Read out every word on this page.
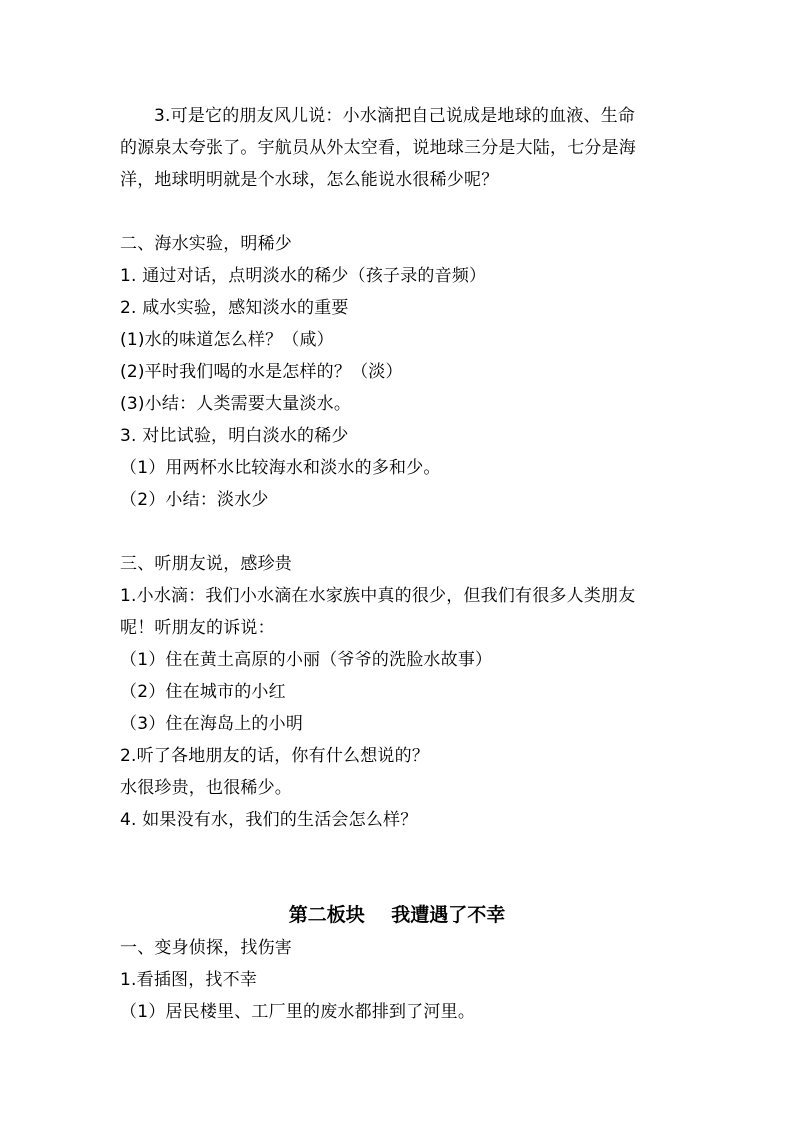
3.可是它的朋友风儿说：小水滴把自己说成是地球的血液、生命
的源泉太夸张了。宇航员从外太空看，说地球三分是大陆，七分是海
洋，地球明明就是个水球，怎么能说水很稀少呢？
二、海水实验，明稀少
1. 通过对话，点明淡水的稀少（孩子录的音频）
2. 咸水实验，感知淡水的重要
(1)水的味道怎么样？（咸）
(2)平时我们喝的水是怎样的？（淡）
(3)小结：人类需要大量淡水。
3. 对比试验，明白淡水的稀少
（1）用两杯水比较海水和淡水的多和少。
（2）小结：淡水少
三、听朋友说，感珍贵
1.小水滴：我们小水滴在水家族中真的很少，但我们有很多人类朋友
呢！听朋友的诉说：
（1）住在黄土高原的小丽（爷爷的洗脸水故事）
（2）住在城市的小红
（3）住在海岛上的小明
2.听了各地朋友的话，你有什么想说的？
水很珍贵，也很稀少。
4. 如果没有水，我们的生活会怎么样？
第二板块    我遭遇了不幸
一、变身侦探，找伤害
1.看插图，找不幸
（1）居民楼里、工厂里的废水都排到了河里。
